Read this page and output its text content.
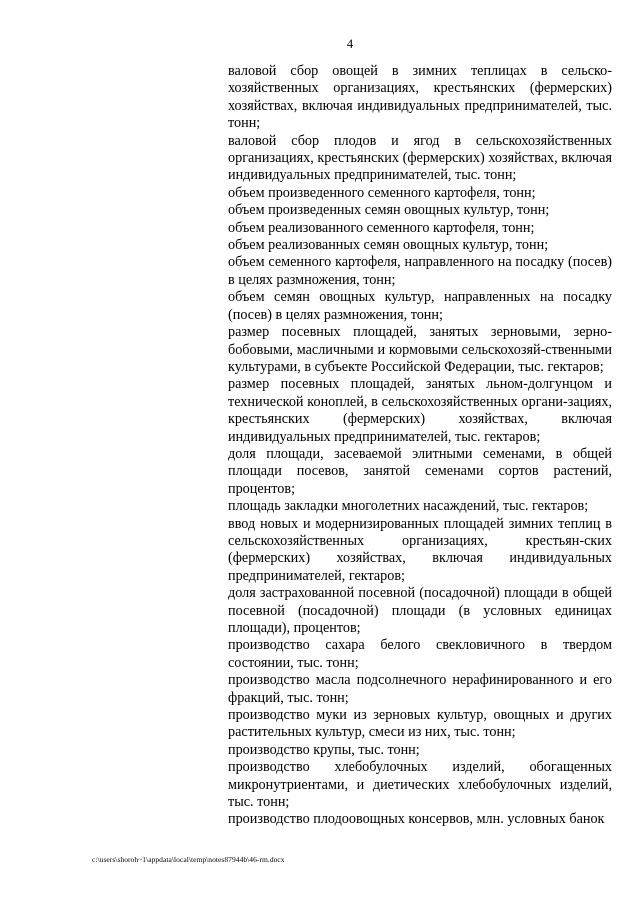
4

валовой сбор овощей в зимних теплицах в сельско-хозяйственных организациях, крестьянских (фермерских) хозяйствах, включая индивидуальных предпринимателей, тыс. тонн;

валовой сбор плодов и ягод в сельскохозяйственных организациях, крестьянских (фермерских) хозяйствах, включая индивидуальных предпринимателей, тыс. тонн;

объем произведенного семенного картофеля, тонн;

объем произведенных семян овощных культур, тонн;

объем реализованного семенного картофеля, тонн;

объем реализованных семян овощных культур, тонн;

объем семенного картофеля, направленного на посадку (посев) в целях размножения, тонн;

объем семян овощных культур, направленных на посадку (посев) в целях размножения, тонн;

размер посевных площадей, занятых зерновыми, зерно-бобовыми, масличными и кормовыми сельскохозяй-ственными культурами, в субъекте Российской Федерации, тыс. гектаров;

размер посевных площадей, занятых льном-долгунцом и технической коноплей, в сельскохозяйственных органи-зациях, крестьянских (фермерских) хозяйствах, включая индивидуальных предпринимателей, тыс. гектаров;

доля площади, засеваемой элитными семенами, в общей площади посевов, занятой семенами сортов растений, процентов;

площадь закладки многолетних насаждений, тыс. гектаров;

ввод новых и модернизированных площадей зимних теплиц в сельскохозяйственных организациях, крестьян-ских (фермерских) хозяйствах, включая индивидуальных предпринимателей, гектаров;

доля застрахованной посевной (посадочной) площади в общей посевной (посадочной) площади (в условных единицах площади), процентов;

производство сахара белого свекловичного в твердом состоянии, тыс. тонн;

производство масла подсолнечного нерафинированного и его фракций, тыс. тонн;

производство муки из зерновых культур, овощных и других растительных культур, смеси из них, тыс. тонн;

производство крупы, тыс. тонн;

производство хлебобулочных изделий, обогащенных микронутриентами, и диетических хлебобулочных изделий, тыс. тонн;

производство плодоовощных консервов, млн. условных банок

c:\users\shoroh~1\appdata\local\temp\notes87944b\46-rm.docx
